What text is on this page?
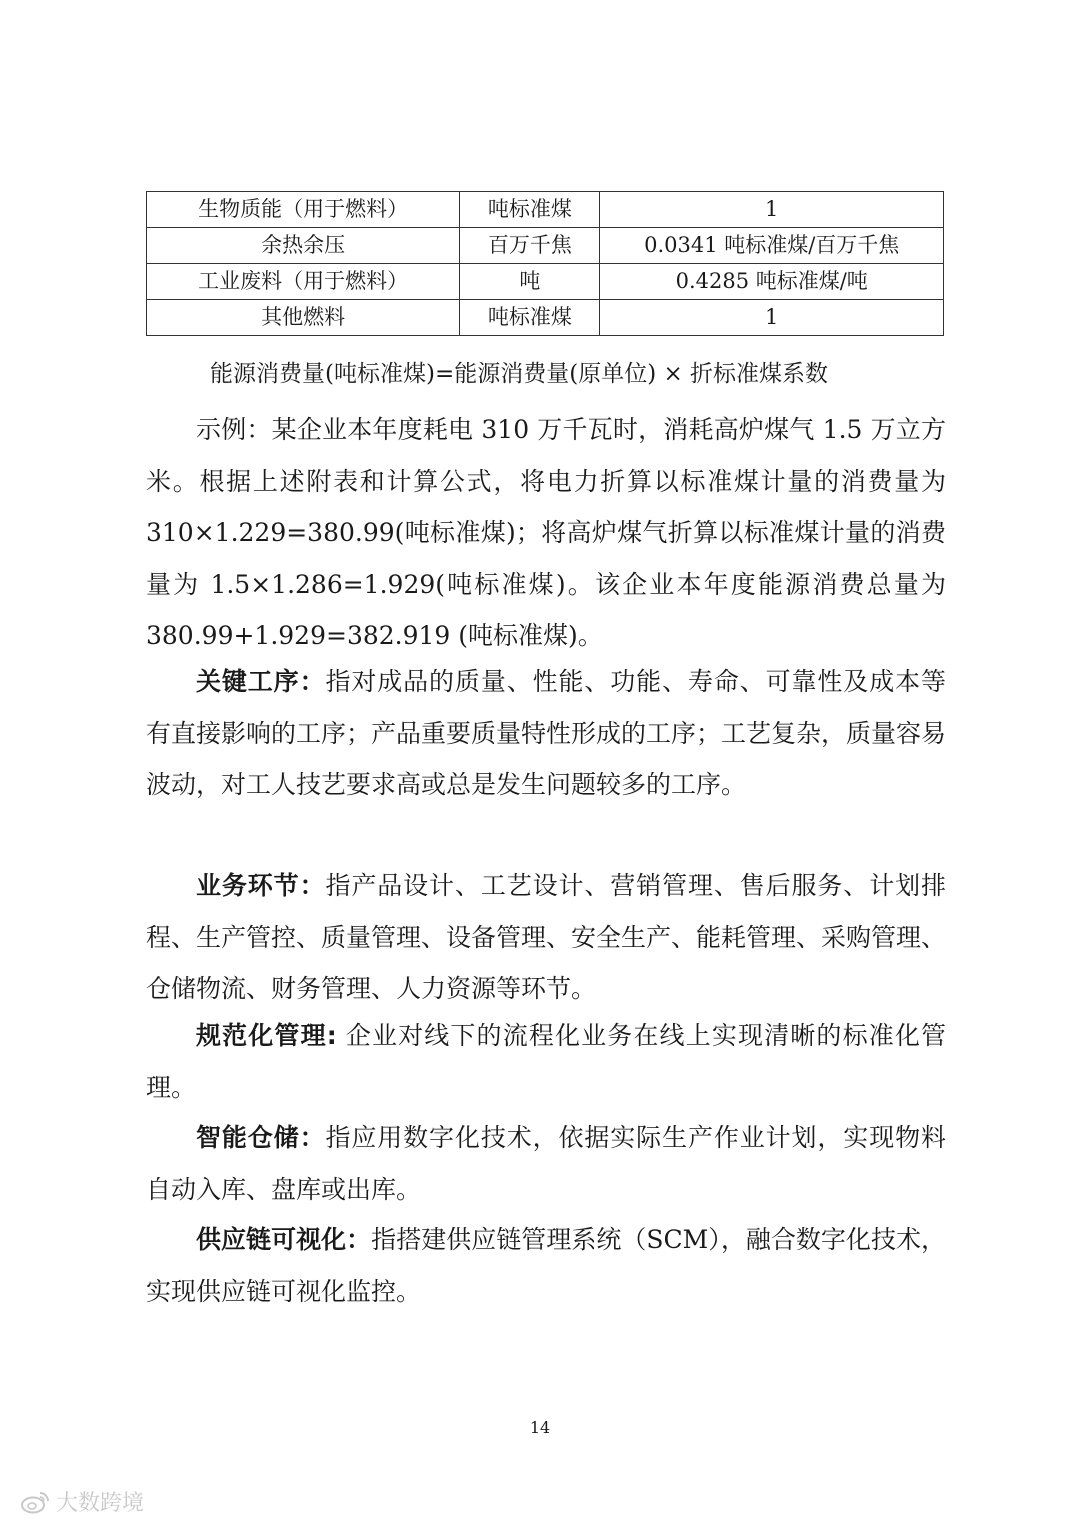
生物质能（用于燃料）	吨标准煤	1
余热余压	百万千焦	0.0341 吨标准煤/百万千焦
工业废料（用于燃料）	吨	0.4285 吨标准煤/吨
其他燃料	吨标准煤	1
能源消费量(吨标准煤)=能源消费量(原单位) × 折标准煤系数

示例：某企业本年度耗电 310 万千瓦时，消耗高炉煤气 1.5 万立方米。根据上述附表和计算公式，将电力折算以标准煤计量的消费量为 310×1.229=380.99(吨标准煤)；将高炉煤气折算以标准煤计量的消费量为 1.5×1.286=1.929(吨标准煤)。该企业本年度能源消费总量为 380.99+1.929=382.919 (吨标准煤)。

关键工序：指对成品的质量、性能、功能、寿命、可靠性及成本等有直接影响的工序；产品重要质量特性形成的工序；工艺复杂，质量容易波动，对工人技艺要求高或总是发生问题较多的工序。

业务环节：指产品设计、工艺设计、营销管理、售后服务、计划排程、生产管控、质量管理、设备管理、安全生产、能耗管理、采购管理、仓储物流、财务管理、人力资源等环节。

规范化管理: 企业对线下的流程化业务在线上实现清晰的标准化管理。

智能仓储：指应用数字化技术，依据实际生产作业计划，实现物料自动入库、盘库或出库。

供应链可视化：指搭建供应链管理系统（SCM），融合数字化技术，实现供应链可视化监控。

14
大数跨境
